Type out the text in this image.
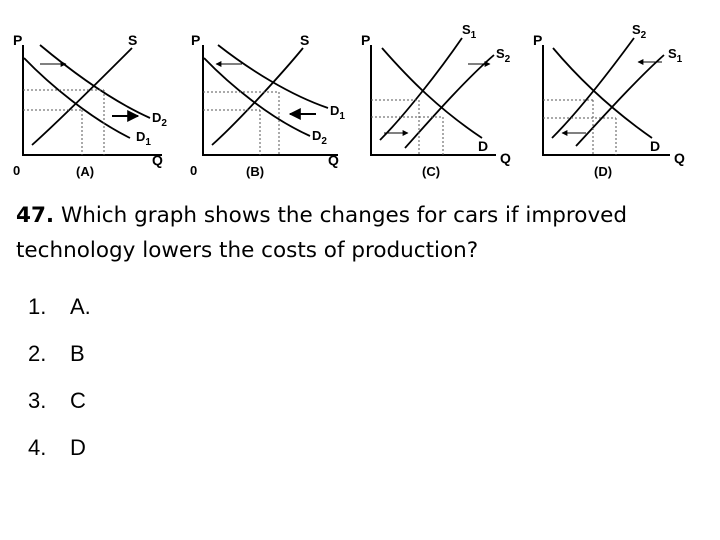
P	S
$D_2$
$D_1$
Q
0	(A)
P	S
$D_1$
$D_2$
Q
0	(B)
P
$S_1$
$S_2$
D
Q
(C)
P
$S_2$
$S_1$
D
Q
(D)

47. Which graph shows the changes for cars if improved technology lowers the costs of production?

1.	A.
2.	B
3.	C
4.	D
